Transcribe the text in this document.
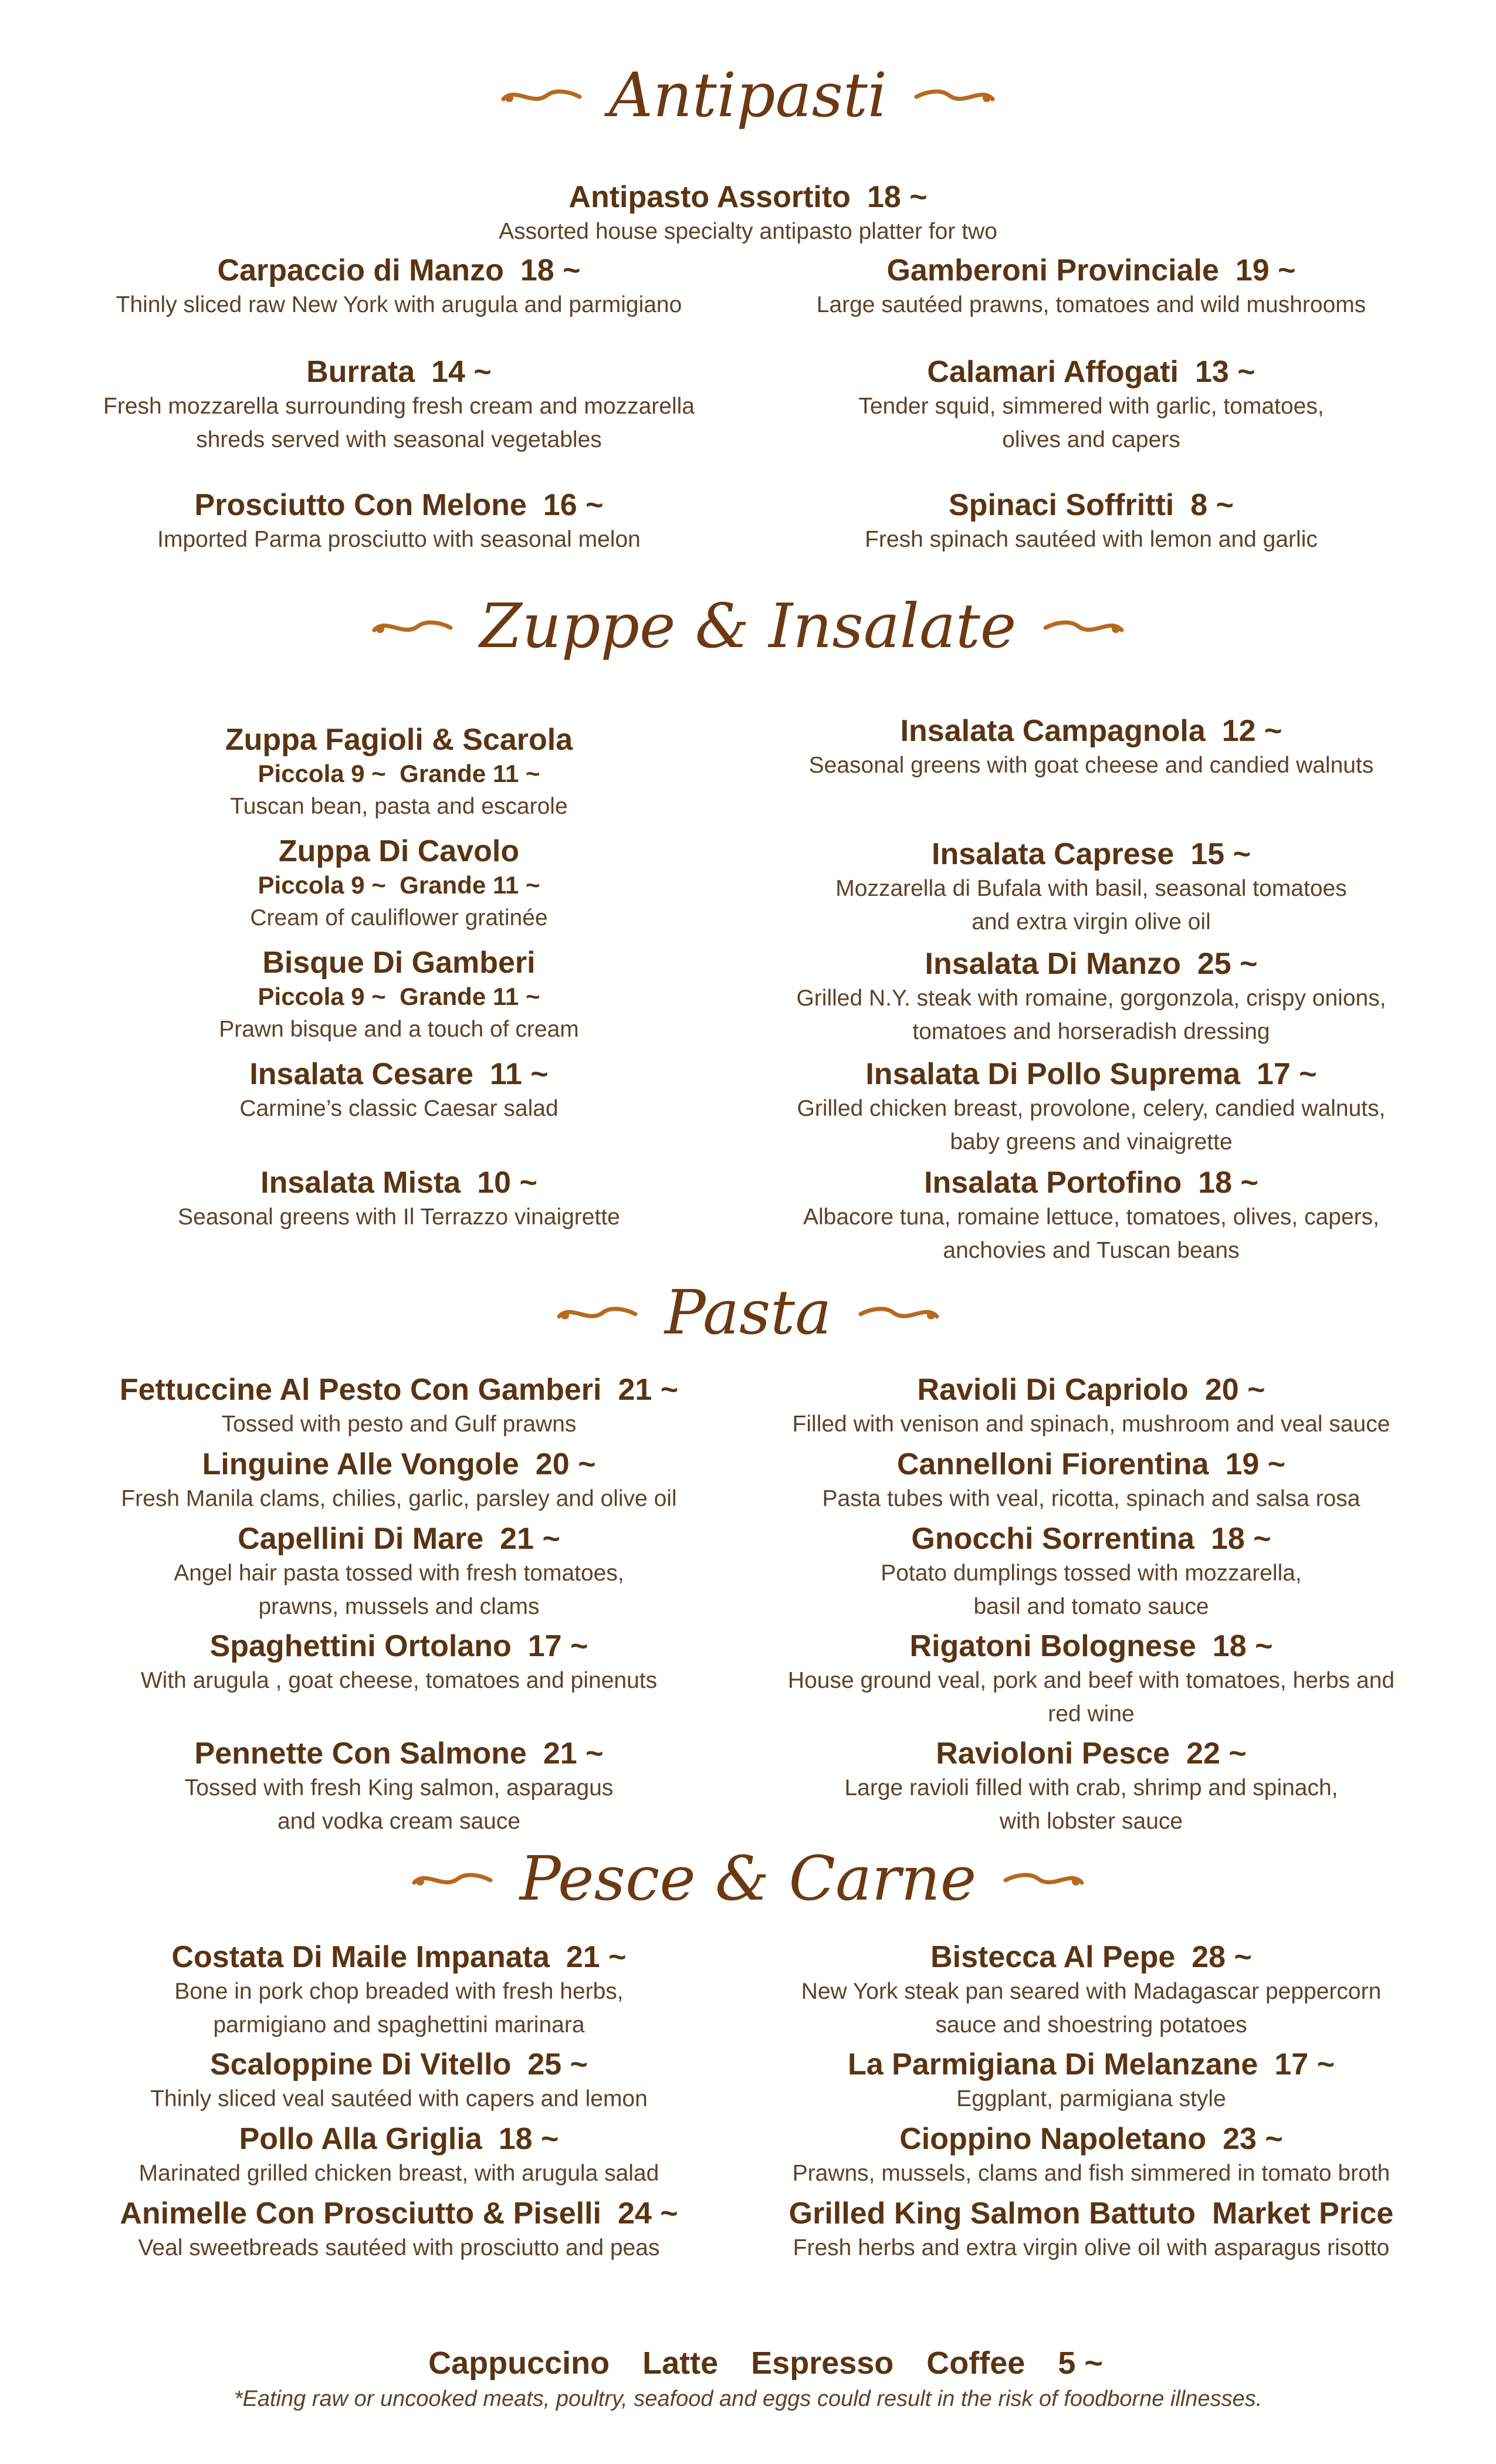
Antipasti
Antipasto Assortito 18 ~
Assorted house specialty antipasto platter for two
Carpaccio di Manzo 18 ~
Thinly sliced raw New York with arugula and parmigiano
Gamberoni Provinciale 19 ~
Large sautéed prawns, tomatoes and wild mushrooms
Burrata 14 ~
Fresh mozzarella surrounding fresh cream and mozzarella
shreds served with seasonal vegetables
Calamari Affogati 13 ~
Tender squid, simmered with garlic, tomatoes,
olives and capers
Prosciutto Con Melone 16 ~
Imported Parma prosciutto with seasonal melon
Spinaci Soffritti 8 ~
Fresh spinach sautéed with lemon and garlic
Zuppe & Insalate
Zuppa Fagioli & Scarola
Piccola 9 ~  Grande 11 ~
Tuscan bean, pasta and escarole
Zuppa Di Cavolo
Piccola 9 ~  Grande 11 ~
Cream of cauliflower gratinée
Bisque Di Gamberi
Piccola 9 ~  Grande 11 ~
Prawn bisque and a touch of cream
Insalata Cesare 11 ~
Carmine’s classic Caesar salad
Insalata Mista 10 ~
Seasonal greens with Il Terrazzo vinaigrette
Insalata Campagnola 12 ~
Seasonal greens with goat cheese and candied walnuts
Insalata Caprese 15 ~
Mozzarella di Bufala with basil, seasonal tomatoes
and extra virgin olive oil
Insalata Di Manzo 25 ~
Grilled N.Y. steak with romaine, gorgonzola, crispy onions,
tomatoes and horseradish dressing
Insalata Di Pollo Suprema 17 ~
Grilled chicken breast, provolone, celery, candied walnuts,
baby greens and vinaigrette
Insalata Portofino 18 ~
Albacore tuna, romaine lettuce, tomatoes, olives, capers,
anchovies and Tuscan beans
Pasta
Fettuccine Al Pesto Con Gamberi 21 ~
Tossed with pesto and Gulf prawns
Linguine Alle Vongole 20 ~
Fresh Manila clams, chilies, garlic, parsley and olive oil
Capellini Di Mare 21 ~
Angel hair pasta tossed with fresh tomatoes,
prawns, mussels and clams
Spaghettini Ortolano 17 ~
With arugula , goat cheese, tomatoes and pinenuts
Pennette Con Salmone 21 ~
Tossed with fresh King salmon, asparagus
and vodka cream sauce
Ravioli Di Capriolo 20 ~
Filled with venison and spinach, mushroom and veal sauce
Cannelloni Fiorentina 19 ~
Pasta tubes with veal, ricotta, spinach and salsa rosa
Gnocchi Sorrentina 18 ~
Potato dumplings tossed with mozzarella,
basil and tomato sauce
Rigatoni Bolognese 18 ~
House ground veal, pork and beef with tomatoes, herbs and
red wine
Ravioloni Pesce 22 ~
Large ravioli filled with crab, shrimp and spinach,
with lobster sauce
Pesce & Carne
Costata Di Maile Impanata 21 ~
Bone in pork chop breaded with fresh herbs,
parmigiano and spaghettini marinara
Scaloppine Di Vitello 25 ~
Thinly sliced veal sautéed with capers and lemon
Pollo Alla Griglia 18 ~
Marinated grilled chicken breast, with arugula salad
Animelle Con Prosciutto & Piselli 24 ~
Veal sweetbreads sautéed with prosciutto and peas
Bistecca Al Pepe 28 ~
New York steak pan seared with Madagascar peppercorn
sauce and shoestring potatoes
La Parmigiana Di Melanzane 17 ~
Eggplant, parmigiana style
Cioppino Napoletano 23 ~
Prawns, mussels, clams and fish simmered in tomato broth
Grilled King Salmon Battuto Market Price
Fresh herbs and extra virgin olive oil with asparagus risotto

Cappuccino Latte Espresso Coffee 5 ~

*Eating raw or uncooked meats, poultry, seafood and eggs could result in the risk of foodborne illnesses.
